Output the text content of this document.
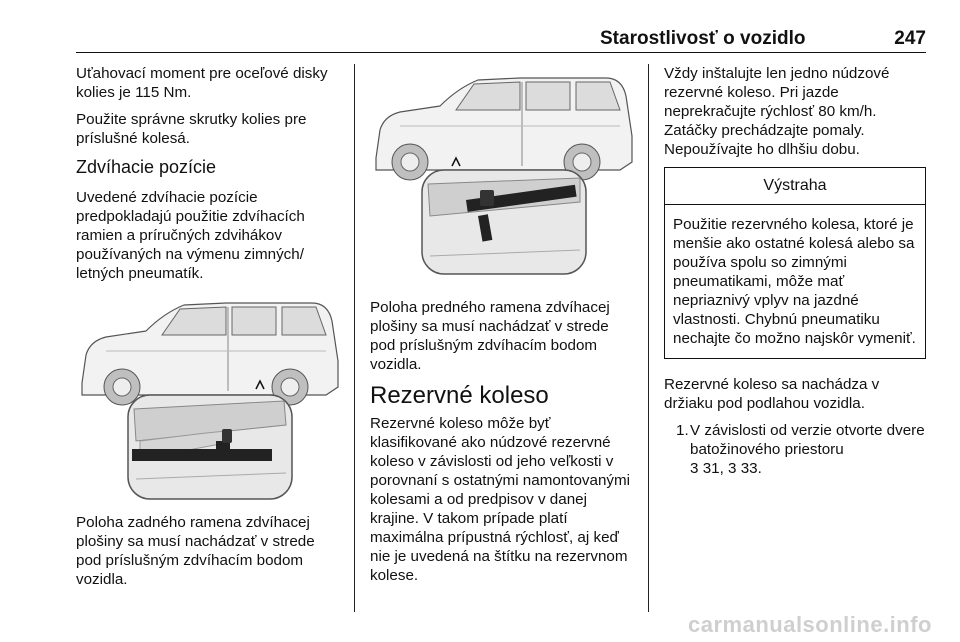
Starostlivosť o vozidlo	247

Uťahovací moment pre oceľové disky kolies je 115 Nm.

Použite správne skrutky kolies pre príslušné kolesá.

Zdvíhacie pozície

Uvedené zdvíhacie pozície predpokladajú použitie zdvíhacích ramien a príručných zdvihákov používaných na výmenu zimných/ letných pneumatík.

Poloha zadného ramena zdvíhacej plošiny sa musí nachádzať v strede pod príslušným zdvíhacím bodom vozidla.

Poloha predného ramena zdvíhacej plošiny sa musí nachádzať v strede pod príslušným zdvíhacím bodom vozidla.

Rezervné koleso

Rezervné koleso môže byť klasifikované ako núdzové rezervné koleso v závislosti od jeho veľkosti v porovnaní s ostatnými namontovanými kolesami a od predpisov v danej krajine. V takom prípade platí maximálna prípustná rýchlosť, aj keď nie je uvedená na štítku na rezervnom kolese.

Vždy inštalujte len jedno núdzové rezervné koleso. Pri jazde neprekračujte rýchlosť 80 km/h. Zatáčky prechádzajte pomaly. Nepoužívajte ho dlhšiu dobu.

Výstraha
Použitie rezervného kolesa, ktoré je menšie ako ostatné kolesá alebo sa používa spolu so zimnými pneumatikami, môže mať nepriaznivý vplyv na jazdné vlastnosti. Chybnú pneumatiku nechajte čo možno najskôr vymeniť.

Rezervné koleso sa nachádza v držiaku pod podlahou vozidla.

1. V závislosti od verzie otvorte dvere batožinového priestoru
3 31, 3 33.
carmanualsonline.info
